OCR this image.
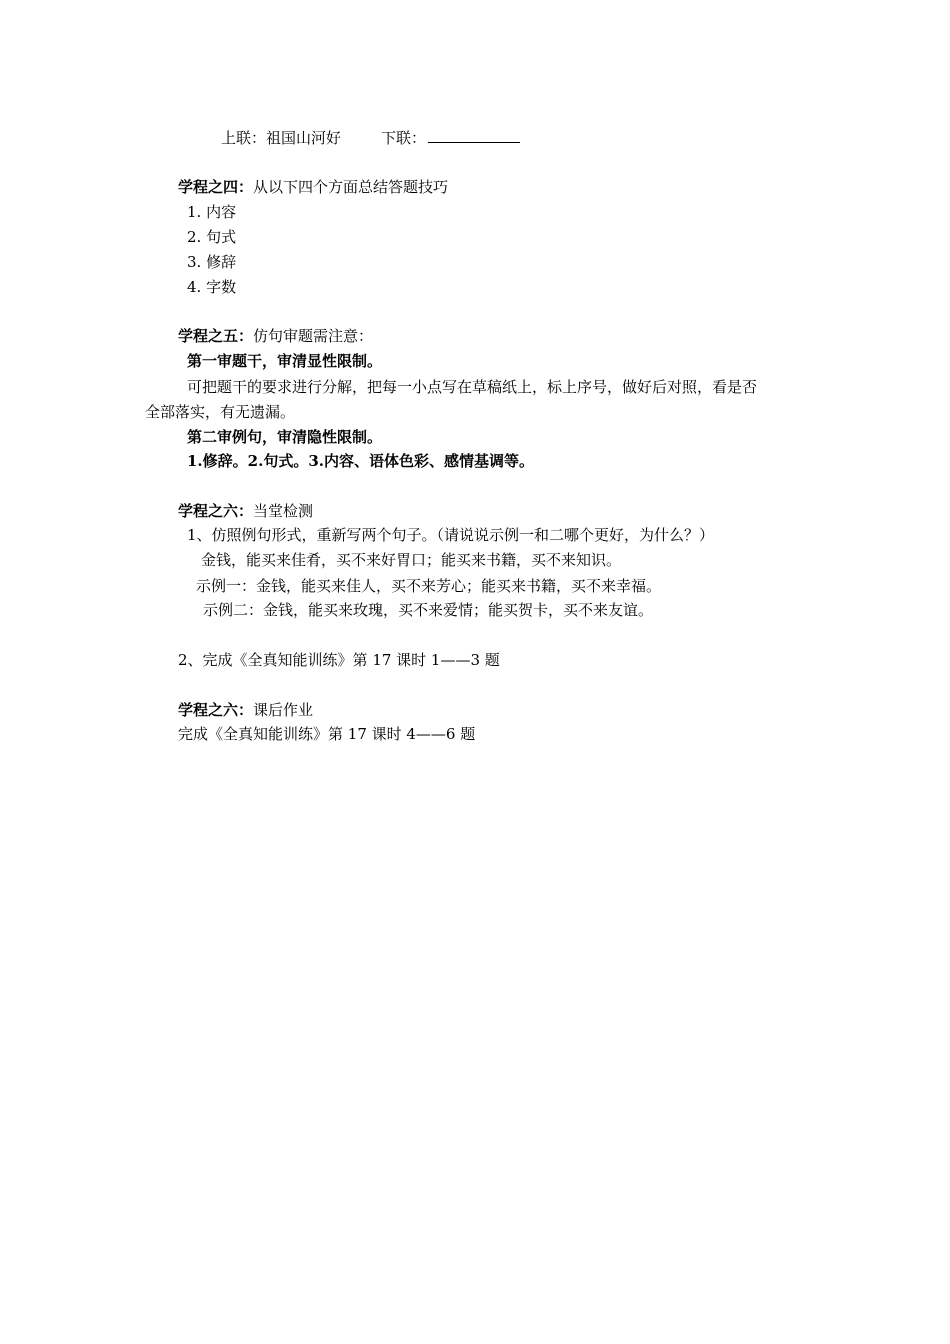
上联：祖国山河好	下联：
学程之四：从以下四个方面总结答题技巧
1. 内容
2. 句式
3. 修辞
4. 字数
学程之五：仿句审题需注意：
第一审题干，审清显性限制。
可把题干的要求进行分解，把每一小点写在草稿纸上，标上序号，做好后对照，看是否
全部落实，有无遗漏。
第二审例句，审清隐性限制。
1.修辞。2.句式。3.内容、语体色彩、感情基调等。
学程之六：当堂检测
1、仿照例句形式，重新写两个句子。（请说说示例一和二哪个更好，为什么？）
金钱，能买来佳肴，买不来好胃口；能买来书籍，买不来知识。
示例一：金钱，能买来佳人，买不来芳心；能买来书籍，买不来幸福。
示例二：金钱，能买来玫瑰，买不来爱情；能买贺卡，买不来友谊。
2、完成《全真知能训练》第 17 课时 1——3 题
学程之六：课后作业
完成《全真知能训练》第 17 课时 4——6 题
